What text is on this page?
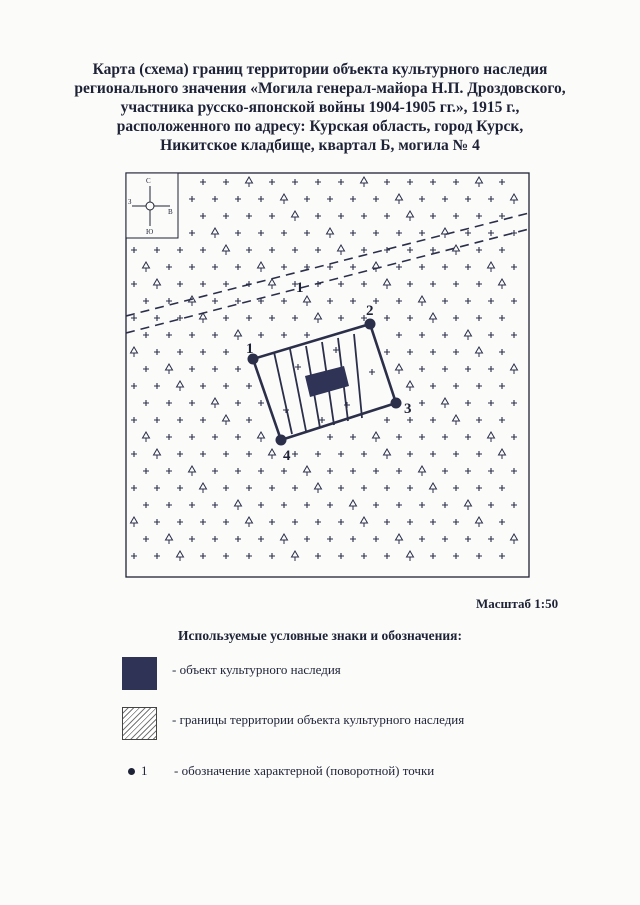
Карта (схема) границ территории объекта культурного наследия
регионального значения «Могила генерал-майора Н.П. Дроздовского,
участника русско-японской войны 1904-1905 гг.», 1915 г.,
расположенного по адресу: Курская область, город Курск,
Никитское кладбище, квартал Б, могила № 4
С
Ю
З
В
1
1
2
3
4
Масштаб 1:50
Используемые условные знаки и обозначения:
- объект культурного наследия
- границы территории объекта культурного наследия
1 - обозначение характерной (поворотной) точки
